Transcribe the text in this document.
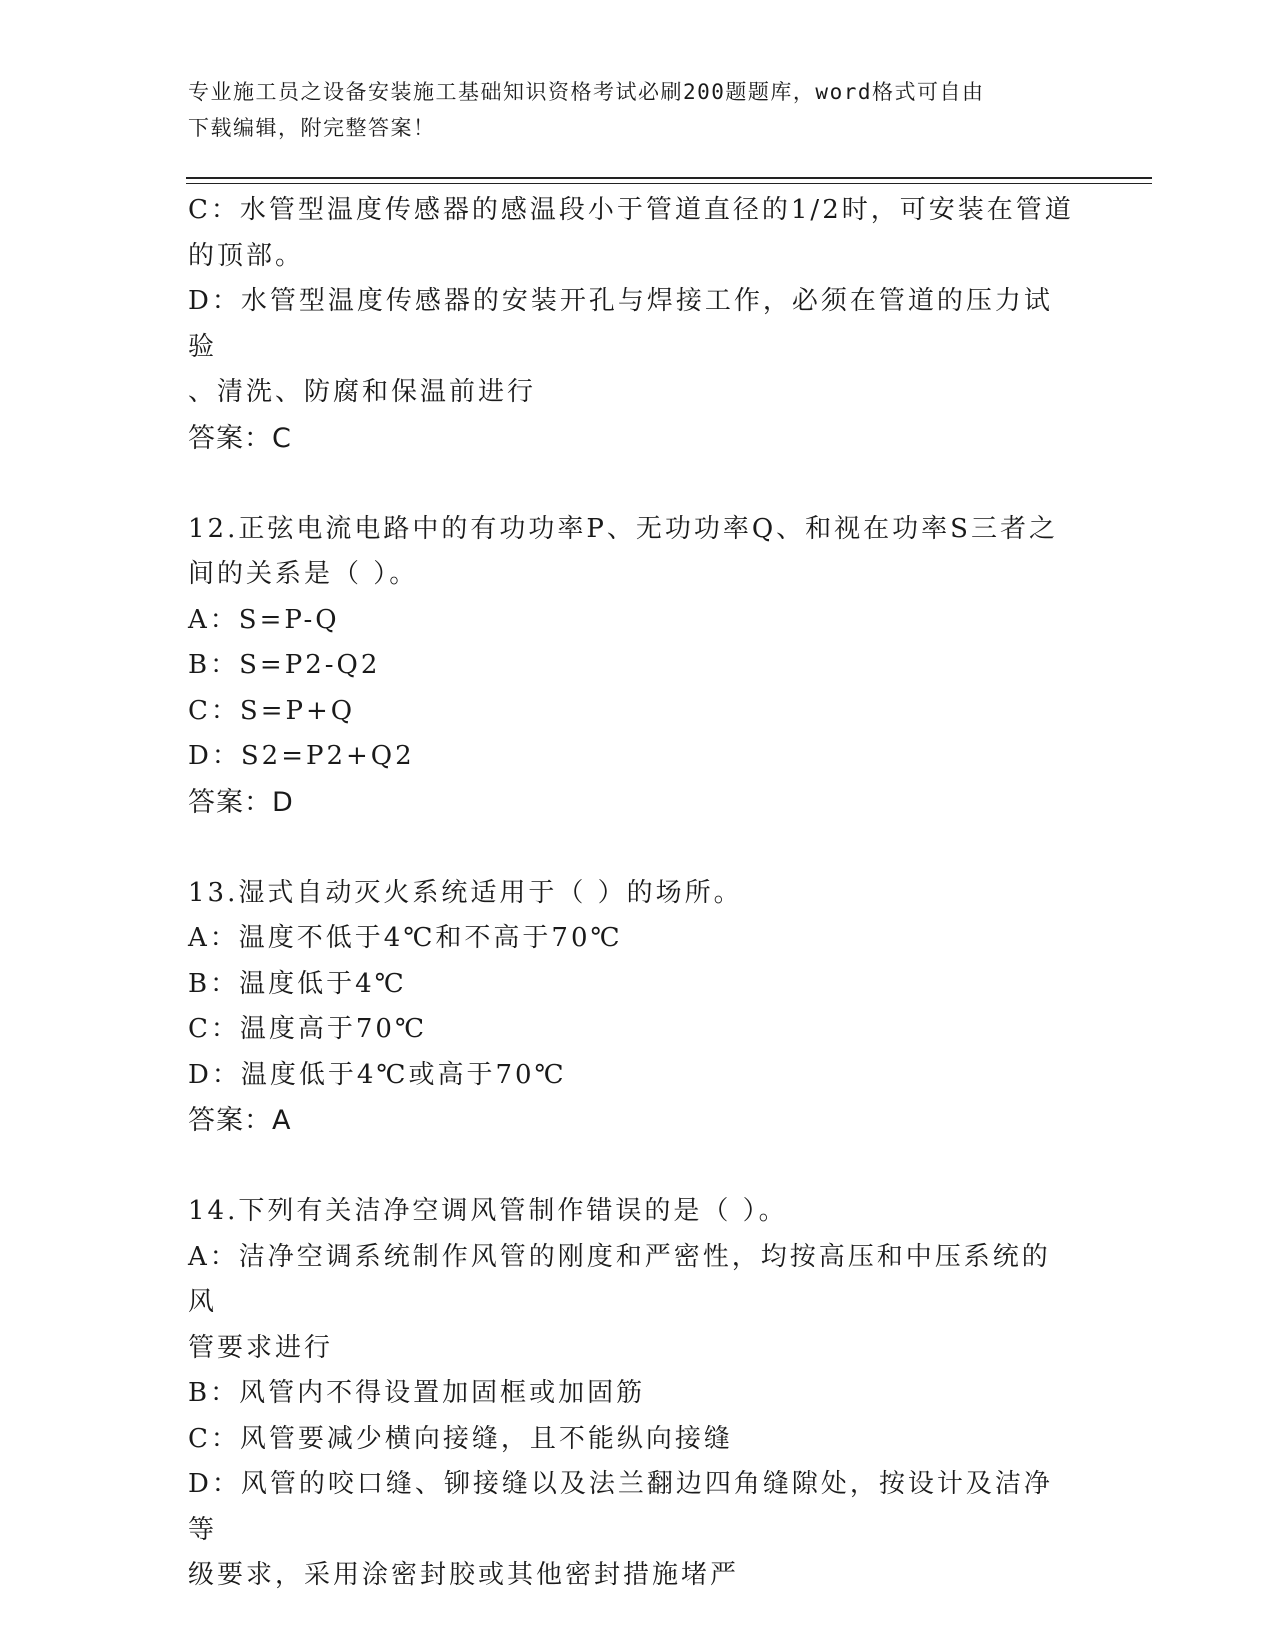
专业施工员之设备安装施工基础知识资格考试必刷200题题库，word格式可自由
下载编辑，附完整答案！
C：水管型温度传感器的感温段小于管道直径的1/2时，可安装在管道
的顶部。
D：水管型温度传感器的安装开孔与焊接工作，必须在管道的压力试验
、清洗、防腐和保温前进行
答案：C
12.正弦电流电路中的有功功率P、无功功率Q、和视在功率S三者之
间的关系是（ ）。
A：S=P-Q
B：S=P2-Q2
C：S=P+Q
D：S2=P2+Q2
答案：D
13.湿式自动灭火系统适用于（ ）的场所。
A：温度不低于4℃和不高于70℃
B：温度低于4℃
C：温度高于70℃
D：温度低于4℃或高于70℃
答案：A
14.下列有关洁净空调风管制作错误的是（ ）。
A：洁净空调系统制作风管的刚度和严密性，均按高压和中压系统的风
管要求进行
B：风管内不得设置加固框或加固筋
C：风管要减少横向接缝，且不能纵向接缝
D：风管的咬口缝、铆接缝以及法兰翻边四角缝隙处，按设计及洁净等
级要求，采用涂密封胶或其他密封措施堵严
